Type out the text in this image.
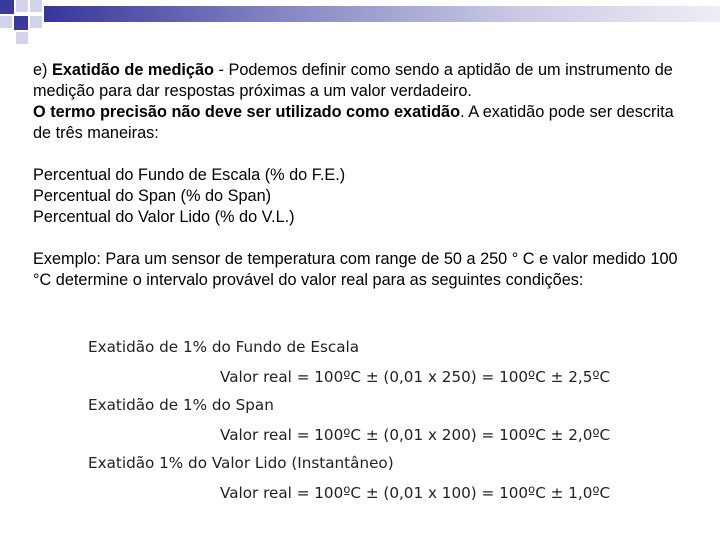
e) Exatidão de medição - Podemos definir como sendo a aptidão de um instrumento de medição para dar respostas próximas a um valor verdadeiro.

O termo precisão não deve ser utilizado como exatidão. A exatidão pode ser descrita de três maneiras:

Percentual do Fundo de Escala (% do F.E.)

Percentual do Span (% do Span)

Percentual do Valor Lido (% do V.L.)

Exemplo: Para um sensor de temperatura com range de 50 a 250 ° C e valor medido 100 °C determine o intervalo provável do valor real para as seguintes condições:

Exatidão de 1% do Fundo de Escala
Valor real = 100ºC ± (0,01 x 250) = 100ºC ± 2,5ºC
Exatidão de 1% do Span
Valor real = 100ºC ± (0,01 x 200) = 100ºC ± 2,0ºC
Exatidão 1% do Valor Lido (Instantâneo)
Valor real = 100ºC ± (0,01 x 100) = 100ºC ± 1,0ºC
